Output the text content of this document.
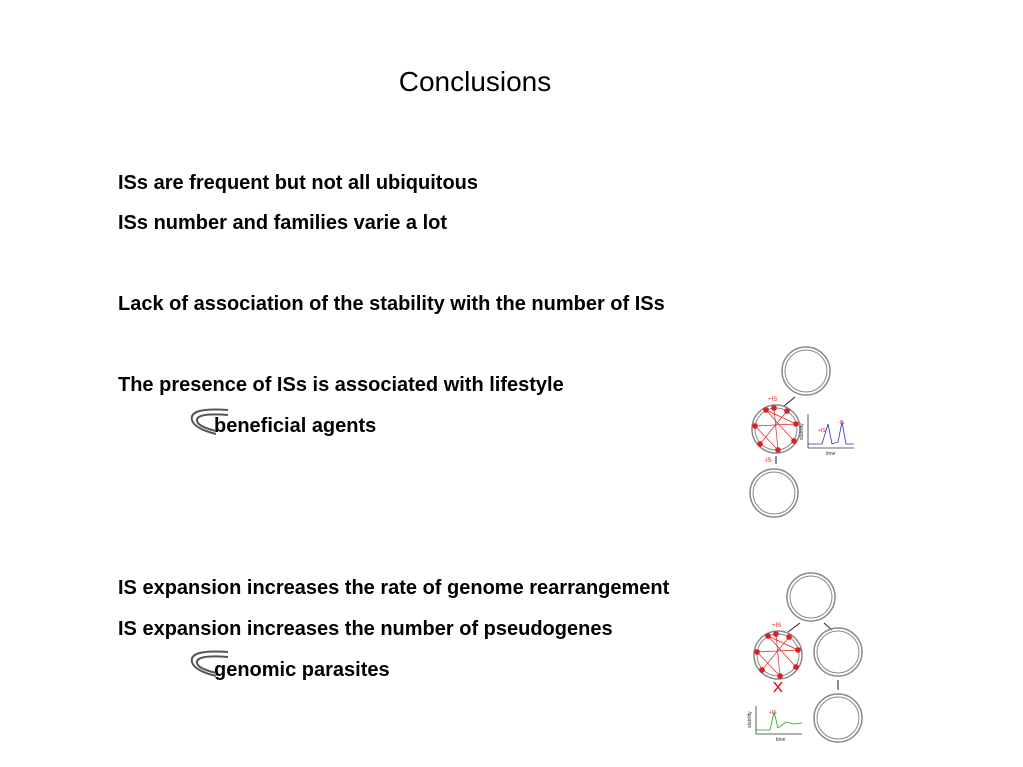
Conclusions
ISs are frequent but not all ubiquitous
ISs number and families varie a lot
Lack of association of the stability with the number of ISs
The presence of ISs is associated with lifestyle
beneficial agents
IS expansion increases the rate of genome rearrangement
IS expansion increases the number of pseudogenes
genomic parasites
+IS
-IS
stability
time
+IS
-IS
+IS
stability
time
+IS
